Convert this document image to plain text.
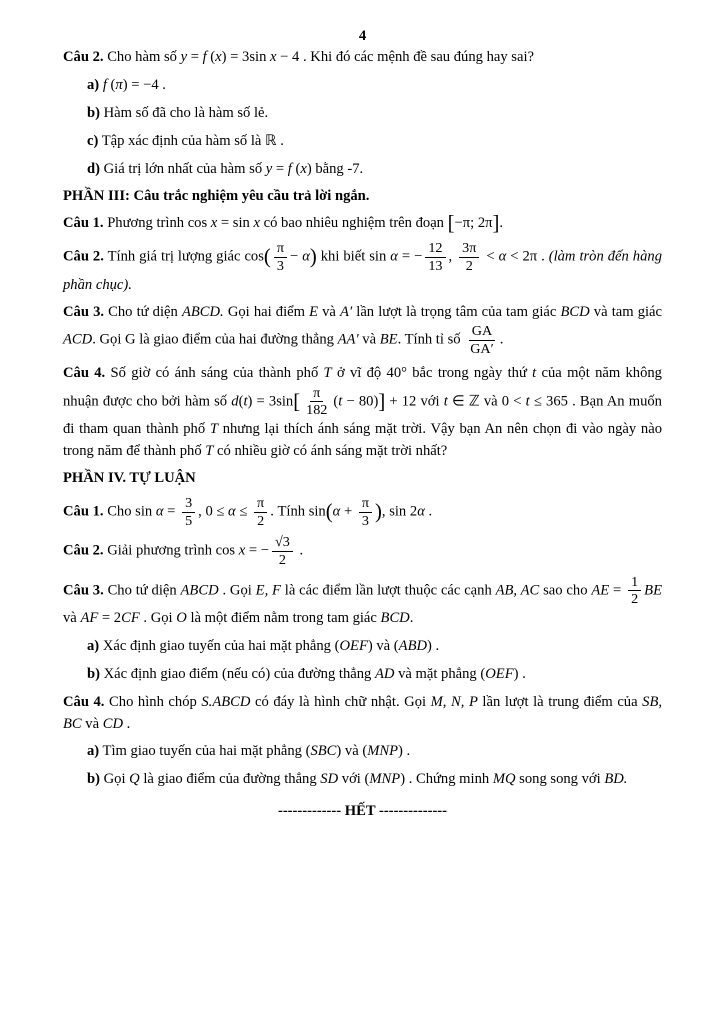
4

Câu 2. Cho hàm số y = f (x) = 3sin x − 4 . Khi đó các mệnh đề sau đúng hay sai?

a) f (π) = −4 .

b) Hàm số đã cho là hàm số lẻ.

c) Tập xác định của hàm số là ℝ .

d) Giá trị lớn nhất của hàm số y = f (x) bằng -7.

PHẦN III: Câu trắc nghiệm yêu cầu trả lời ngắn.

Câu 1. Phương trình cos x = sin x có bao nhiêu nghiệm trên đoạn [−π; 2π].

Câu 2. Tính giá trị lượng giác $\cos( \frac{\pi}{3} - \alpha)$ khi biết sin α = − $\frac{12}{13}$ , $\frac{3\pi}{2} < \alpha < 2\pi$ . (làm tròn đến hàng phần chục).

Câu 3. Cho tứ diện ABCD. Gọi hai điểm E và A′ lần lượt là trọng tâm của tam giác BCD và tam giác ACD. Gọi G là giao điểm của hai đường thẳng AA′ và BE. Tính tỉ số $\frac{GA}{GA'}$ .

Câu 4. Số giờ có ánh sáng của thành phố T ở vĩ độ 40° bắc trong ngày thứ t của một năm không nhuận được cho bởi hàm số $d(t) = 3\sin[ \frac{\pi}{182} (t - 80)] + 12$ với t ∈ ℤ và 0 < t ≤ 365 . Bạn An muốn đi tham quan thành phố T nhưng lại thích ánh sáng mặt trời. Vậy bạn An nên chọn đi vào ngày nào trong năm để thành phố T có nhiều giờ có ánh sáng mặt trời nhất?

PHẦN IV. TỰ LUẬN

Câu 1. Cho $\sin \alpha = \frac{3}{5}$ , $0 \le \alpha \le \frac{\pi}{2}$ . Tính $\sin(\alpha + \frac{\pi}{3}$ ), sin 2α .

Câu 2. Giải phương trình cos x = − $\frac{√3}{2}$ .

Câu 3. Cho tứ diện ABCD . Gọi E, F là các điểm lần lượt thuộc các cạnh AB, AC sao cho AE = $\frac{1}{2}$ BE và AF = 2CF . Gọi O là một điểm nằm trong tam giác BCD.

a) Xác định giao tuyến của hai mặt phẳng (OEF) và (ABD) .

b) Xác định giao điểm (nếu có) của đường thẳng AD và mặt phẳng (OEF) .

Câu 4. Cho hình chóp S.ABCD có đáy là hình chữ nhật. Gọi M, N, P lần lượt là trung điểm của SB, BC và CD .

a) Tìm giao tuyến của hai mặt phẳng (SBC) và (MNP) .

b) Gọi Q là giao điểm của đường thẳng SD với (MNP) . Chứng minh MQ song song với BD.

------------- HẾT --------------
